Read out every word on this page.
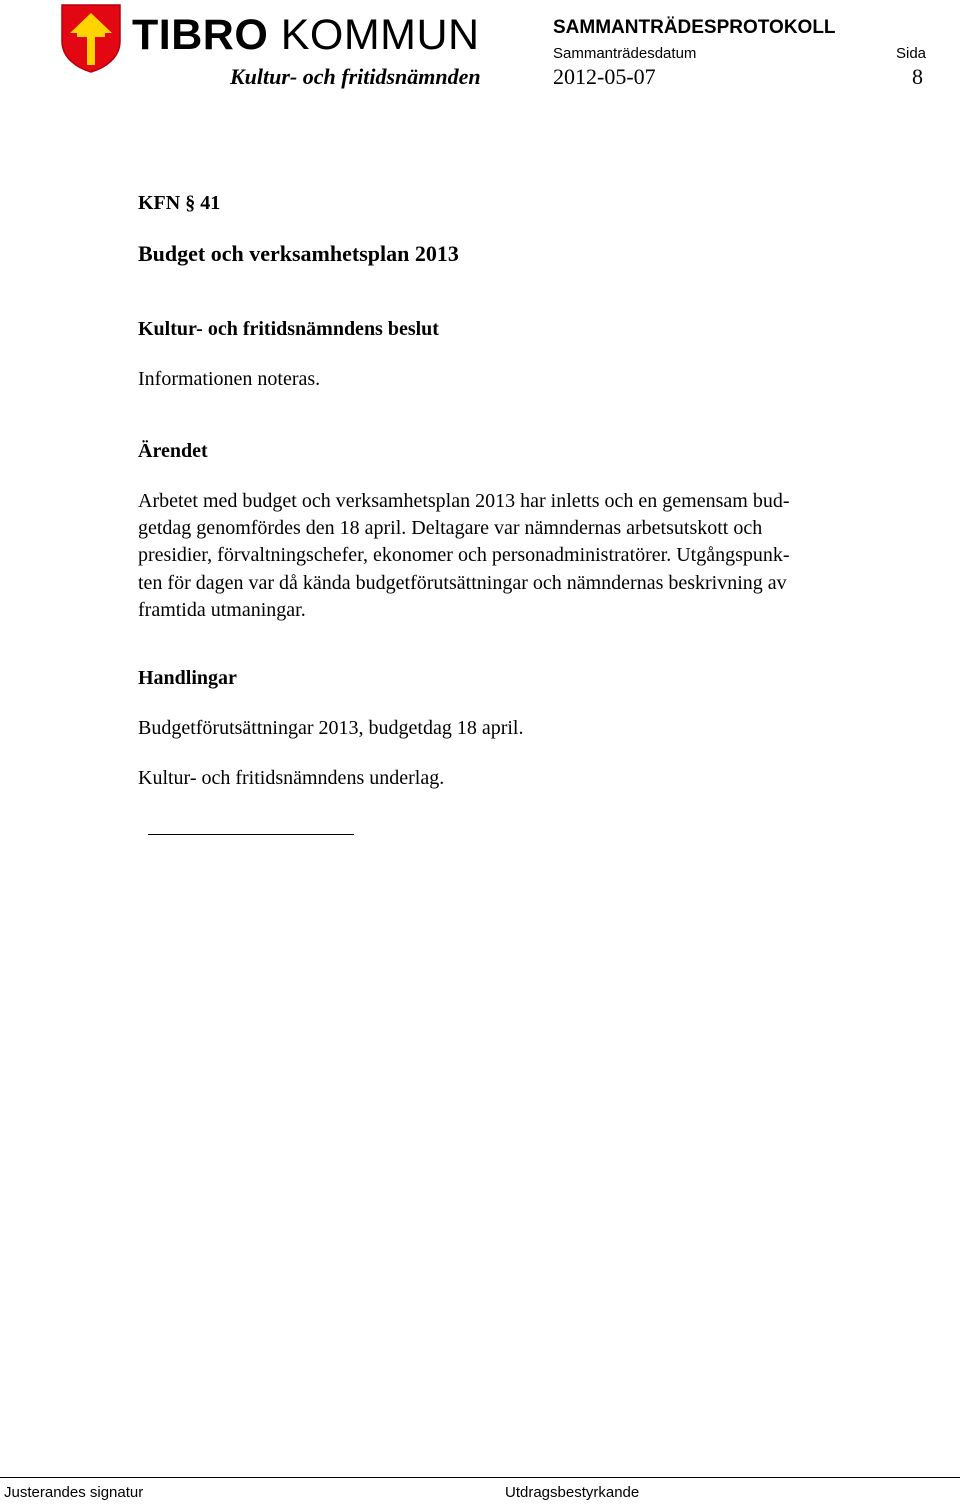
TIBRO KOMMUN	SAMMANTRÄDESPROTOKOLL
Sammanträdesdatum	Sida
Kultur- och fritidsnämnden	2012-05-07	8
KFN § 41
Budget och verksamhetsplan 2013
Kultur- och fritidsnämndens beslut
Informationen noteras.
Ärendet
Arbetet med budget och verksamhetsplan 2013 har inletts och en gemensam bud-
getdag genomfördes den 18 april. Deltagare var nämndernas arbetsutskott och
presidier, förvaltningschefer, ekonomer och personadministratörer. Utgångspunk-
ten för dagen var då kända budgetförutsättningar och nämndernas beskrivning av
framtida utmaningar.
Handlingar
Budgetförutsättningar 2013, budgetdag 18 april.
Kultur- och fritidsnämndens underlag.
Justerandes signatur	Utdragsbestyrkande
